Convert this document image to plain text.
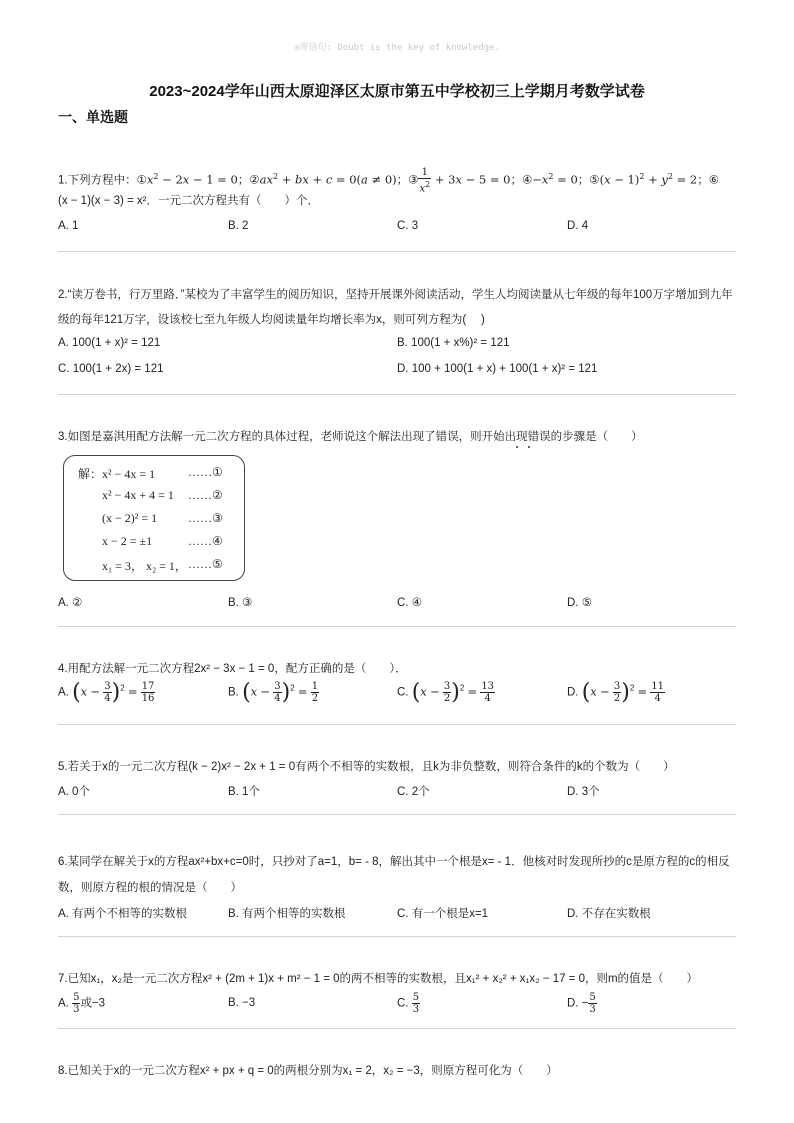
◎寄语句: Doubt is the key of knowledge.
2023~2024学年山西太原迎泽区太原市第五中学校初三上学期月考数学试卷
一、单选题
1.下列方程中：$①x^2 - 2x - 1 = 0$；$②ax^2$ + bx + c = 0(a ≠ 0)；③ $\frac{1}{x^2} + 3x - 5 = 0$；$④-x^2 = 0$；⑤(x − $1)^2 + y^2 = 2$；⑥
(x − 1)(x − 3) = x²．一元二次方程共有（　　）个．
A. 1	B. 2	C. 3	D. 4
2.“读万卷书，行万里路．”某校为了丰富学生的阅历知识，坚持开展课外阅读活动，学生人均阅读量从七年级的每年100万字增加到九年
级的每年121万字，设该校七至九年级人均阅读量年均增长率为x，则可列方程为(　 )
A. 100(1 + x)² = 121	B. 100(1 + x%)² = 121
C. 100(1 + 2x) = 121	D. 100 + 100(1 + x) + 100(1 + x)² = 121
3.如图是嘉淇用配方法解一元二次方程的具体过程，老师说这个解法出现了错误，则开始出现错误的步骤是（　　）
解：x² − 4x = 1	……①
x² − 4x + 4 = 1 ……②
(x − 2)² = 1	……③
x − 2 = ±1	……④
x₁ = 3， x₂ = 1， ……⑤
A. ②	B. ③	C. ④	D. ⑤
4.用配方法解一元二次方程2x² − 3x − 1 = 0，配方正确的是（　　）．
A. $(x - \frac{3}{4} )^2 = \frac{17}{16}$	B. $(x - \frac{3}{4} )^2 = \frac{1}{2}$	C. $(x - \frac{3}{2} )^2 = \frac{13}{4}$	D. $(x - \frac{3}{2} )^2 = \frac{11}{4}$
5.若关于x的一元二次方程(k − 2)x² − 2x + 1 = 0有两个不相等的实数根，且k为非负整数，则符合条件的k的个数为（　　）
A. 0个	B. 1个	C. 2个	D. 3个
6.某同学在解关于x的方程ax²+bx+c=0时，只抄对了a=1，b= - 8，解出其中一个根是x= - 1．他核对时发现所抄的c是原方程的c的相反
数，则原方程的根的情况是（　　）
A. 有两个不相等的实数根	B. 有两个相等的实数根	C. 有一个根是x=1	D. 不存在实数根
7.已知x₁，x₂是一元二次方程x² + (2m + 1)x + m² − 1 = 0的两不相等的实数根，且x₁² + x₂² + x₁x₂ − 17 = 0，则m的值是（　　）
A. $\frac{5}{3}$ 或−3	B. −3	C. $\frac{5}{3}$	D. − $\frac{5}{3}$
8.已知关于x的一元二次方程x² + px + q = 0的两根分别为x₁ = 2，x₂ = −3，则原方程可化为（　　）
